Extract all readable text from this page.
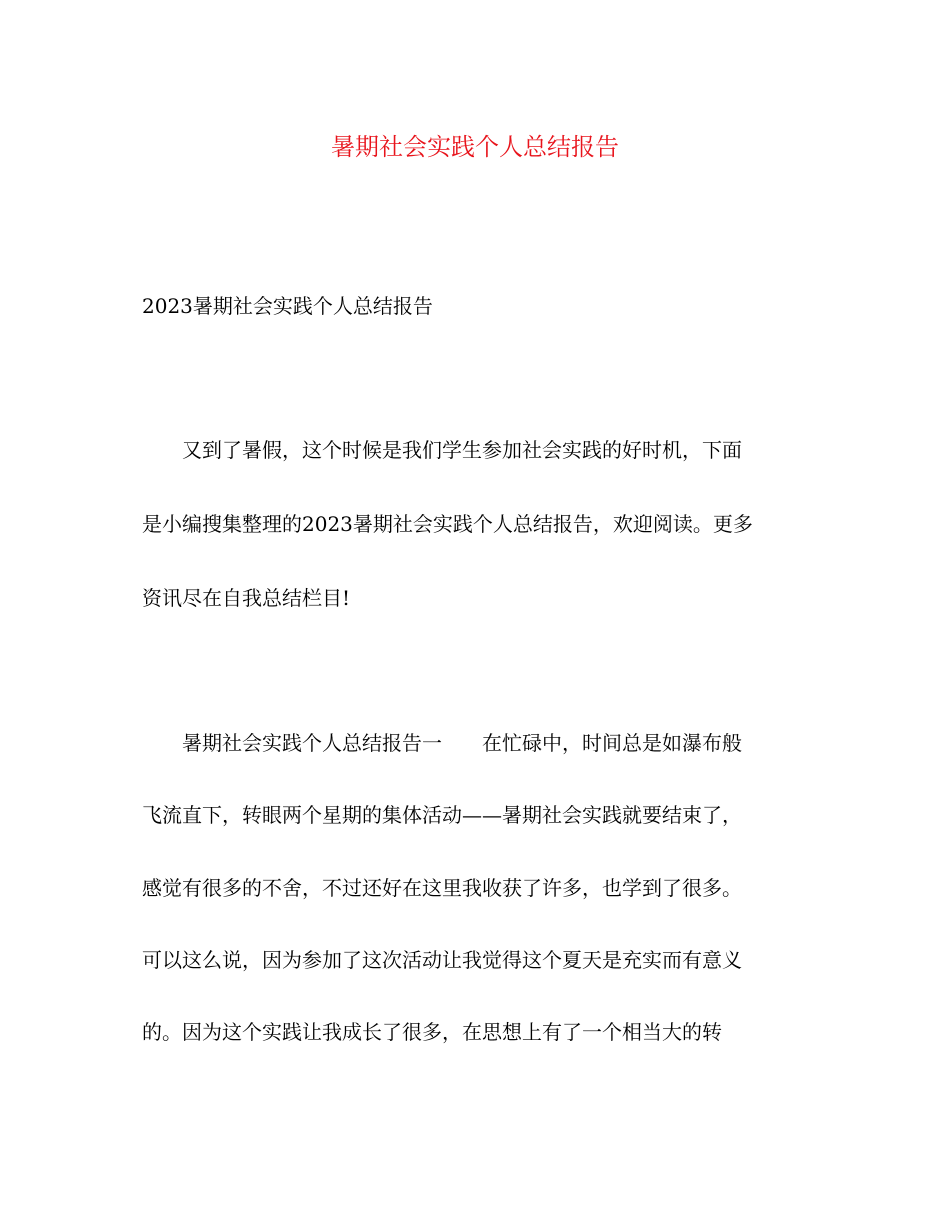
暑期社会实践个人总结报告
2023暑期社会实践个人总结报告
　　又到了暑假，这个时候是我们学生参加社会实践的好时机，下面
是小编搜集整理的2023暑期社会实践个人总结报告，欢迎阅读。更多
资讯尽在自我总结栏目!
　　暑期社会实践个人总结报告一　　在忙碌中，时间总是如瀑布般
飞流直下，转眼两个星期的集体活动——暑期社会实践就要结束了，
感觉有很多的不舍，不过还好在这里我收获了许多，也学到了很多。
可以这么说，因为参加了这次活动让我觉得这个夏天是充实而有意义
的。因为这个实践让我成长了很多，在思想上有了一个相当大的转
